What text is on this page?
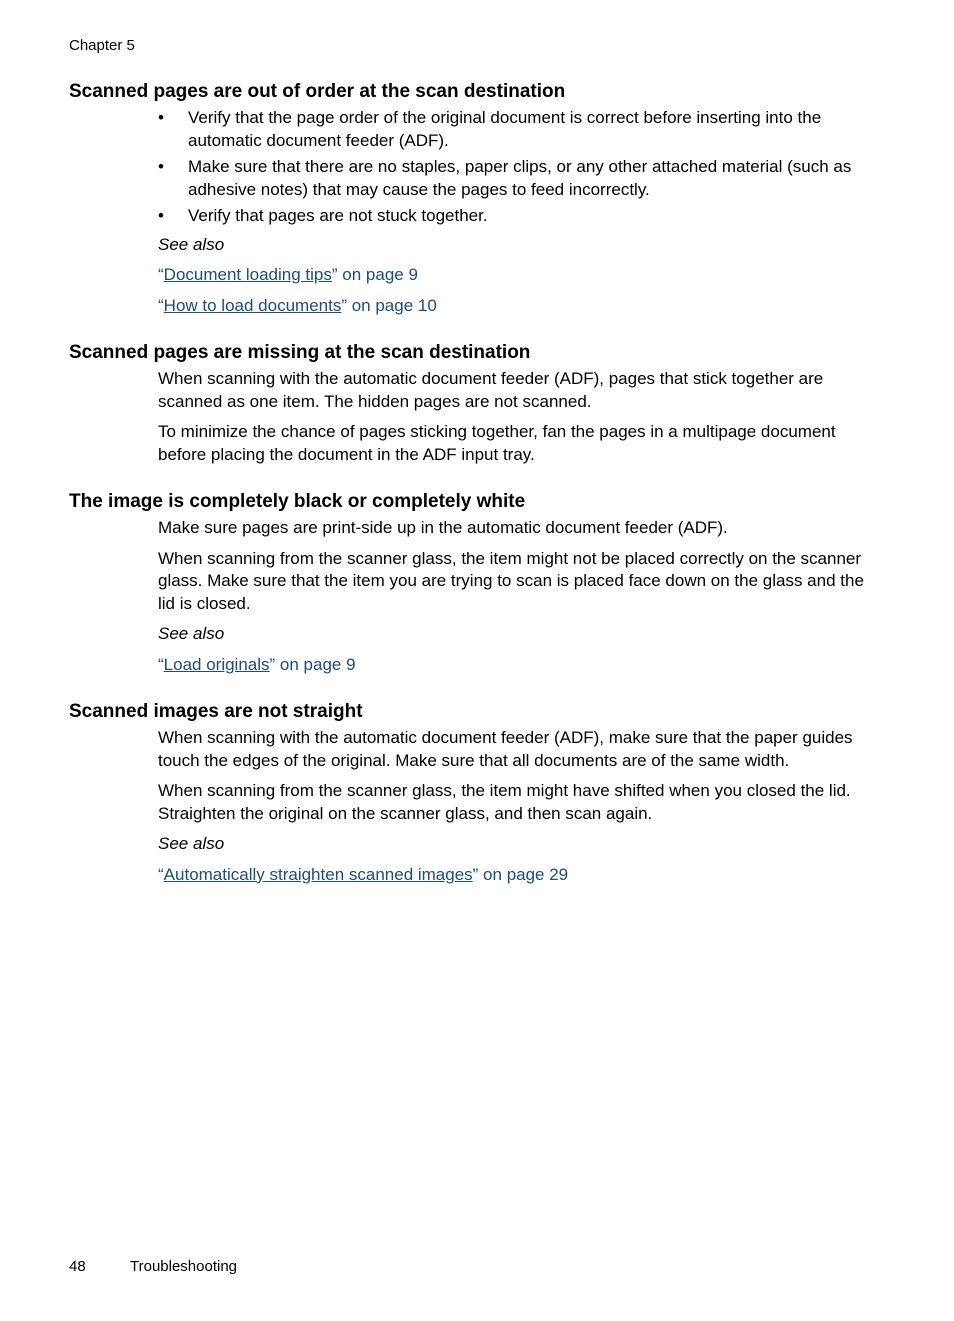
Chapter 5
Scanned pages are out of order at the scan destination
• Verify that the page order of the original document is correct before inserting into the automatic document feeder (ADF).
• Make sure that there are no staples, paper clips, or any other attached material (such as adhesive notes) that may cause the pages to feed incorrectly.
• Verify that pages are not stuck together.

See also

“Document loading tips” on page 9

“How to load documents” on page 10

Scanned pages are missing at the scan destination

When scanning with the automatic document feeder (ADF), pages that stick together are scanned as one item. The hidden pages are not scanned.

To minimize the chance of pages sticking together, fan the pages in a multipage document before placing the document in the ADF input tray.

The image is completely black or completely white

Make sure pages are print-side up in the automatic document feeder (ADF).

When scanning from the scanner glass, the item might not be placed correctly on the scanner glass. Make sure that the item you are trying to scan is placed face down on the glass and the lid is closed.

See also

“Load originals” on page 9

Scanned images are not straight

When scanning with the automatic document feeder (ADF), make sure that the paper guides touch the edges of the original. Make sure that all documents are of the same width.

When scanning from the scanner glass, the item might have shifted when you closed the lid. Straighten the original on the scanner glass, and then scan again.

See also

“Automatically straighten scanned images” on page 29

48	Troubleshooting
